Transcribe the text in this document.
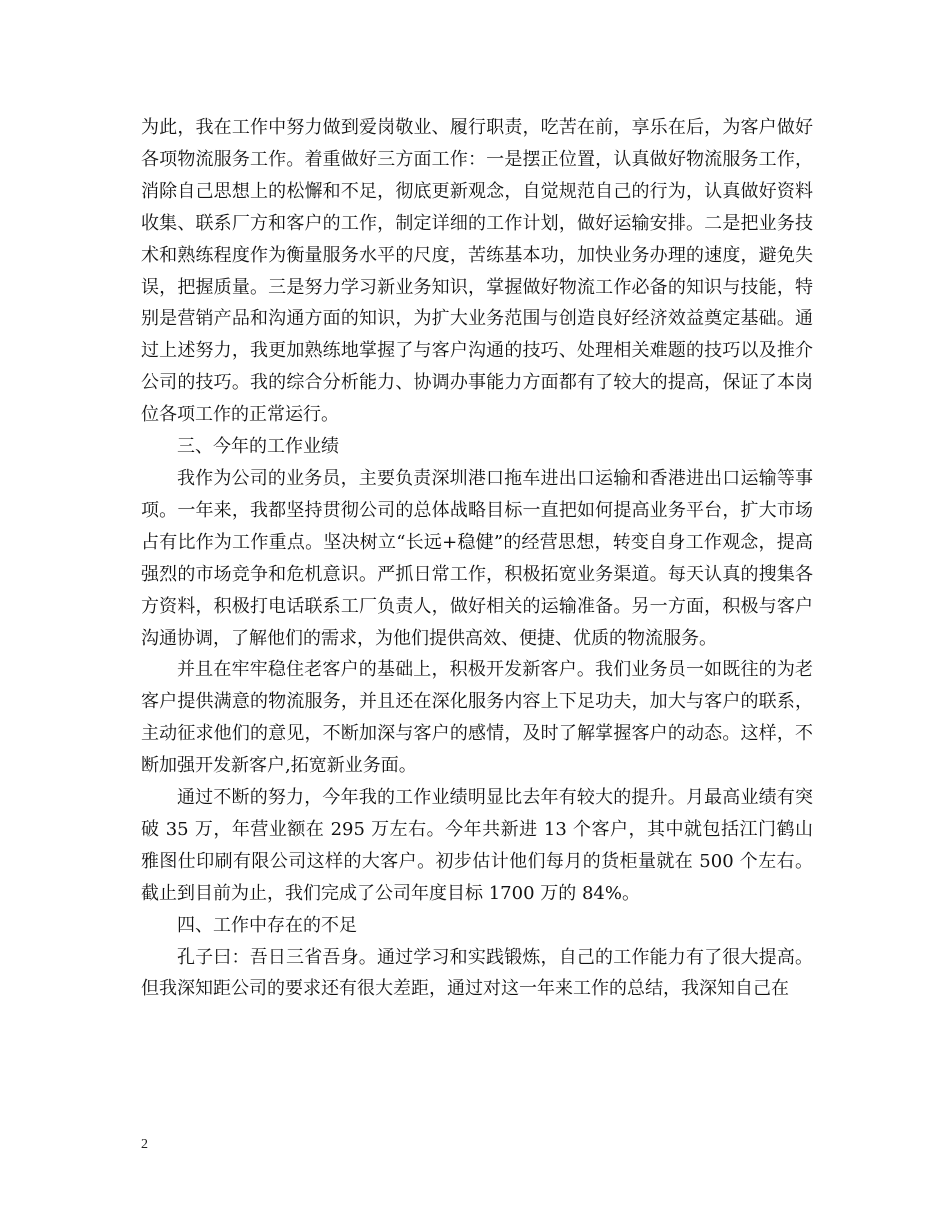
为此，我在工作中努力做到爱岗敬业、履行职责，吃苦在前，享乐在后，为客户做好各项物流服务工作。着重做好三方面工作：一是摆正位置，认真做好物流服务工作，消除自己思想上的松懈和不足，彻底更新观念，自觉规范自己的行为，认真做好资料收集、联系厂方和客户的工作，制定详细的工作计划，做好运输安排。二是把业务技术和熟练程度作为衡量服务水平的尺度，苦练基本功，加快业务办理的速度，避免失误，把握质量。三是努力学习新业务知识，掌握做好物流工作必备的知识与技能，特别是营销产品和沟通方面的知识，为扩大业务范围与创造良好经济效益奠定基础。通过上述努力，我更加熟练地掌握了与客户沟通的技巧、处理相关难题的技巧以及推介公司的技巧。我的综合分析能力、协调办事能力方面都有了较大的提高，保证了本岗位各项工作的正常运行。

三、今年的工作业绩

我作为公司的业务员，主要负责深圳港口拖车进出口运输和香港进出口运输等事项。一年来，我都坚持贯彻公司的总体战略目标一直把如何提高业务平台，扩大市场占有比作为工作重点。坚决树立“长远+稳健”的经营思想，转变自身工作观念，提高强烈的市场竞争和危机意识。严抓日常工作，积极拓宽业务渠道。每天认真的搜集各方资料，积极打电话联系工厂负责人，做好相关的运输准备。另一方面，积极与客户沟通协调，了解他们的需求，为他们提供高效、便捷、优质的物流服务。

并且在牢牢稳住老客户的基础上，积极开发新客户。我们业务员一如既往的为老客户提供满意的物流服务，并且还在深化服务内容上下足功夫，加大与客户的联系，主动征求他们的意见，不断加深与客户的感情，及时了解掌握客户的动态。这样，不断加强开发新客户,拓宽新业务面。

通过不断的努力，今年我的工作业绩明显比去年有较大的提升。月最高业绩有突破 35 万，年营业额在 295 万左右。今年共新进 13 个客户，其中就包括江门鹤山雅图仕印刷有限公司这样的大客户。初步估计他们每月的货柜量就在 500 个左右。截止到目前为止，我们完成了公司年度目标 1700 万的 84%。

四、工作中存在的不足

孔子曰：吾日三省吾身。通过学习和实践锻炼，自己的工作能力有了很大提高。但我深知距公司的要求还有很大差距，通过对这一年来工作的总结，我深知自己在

2
